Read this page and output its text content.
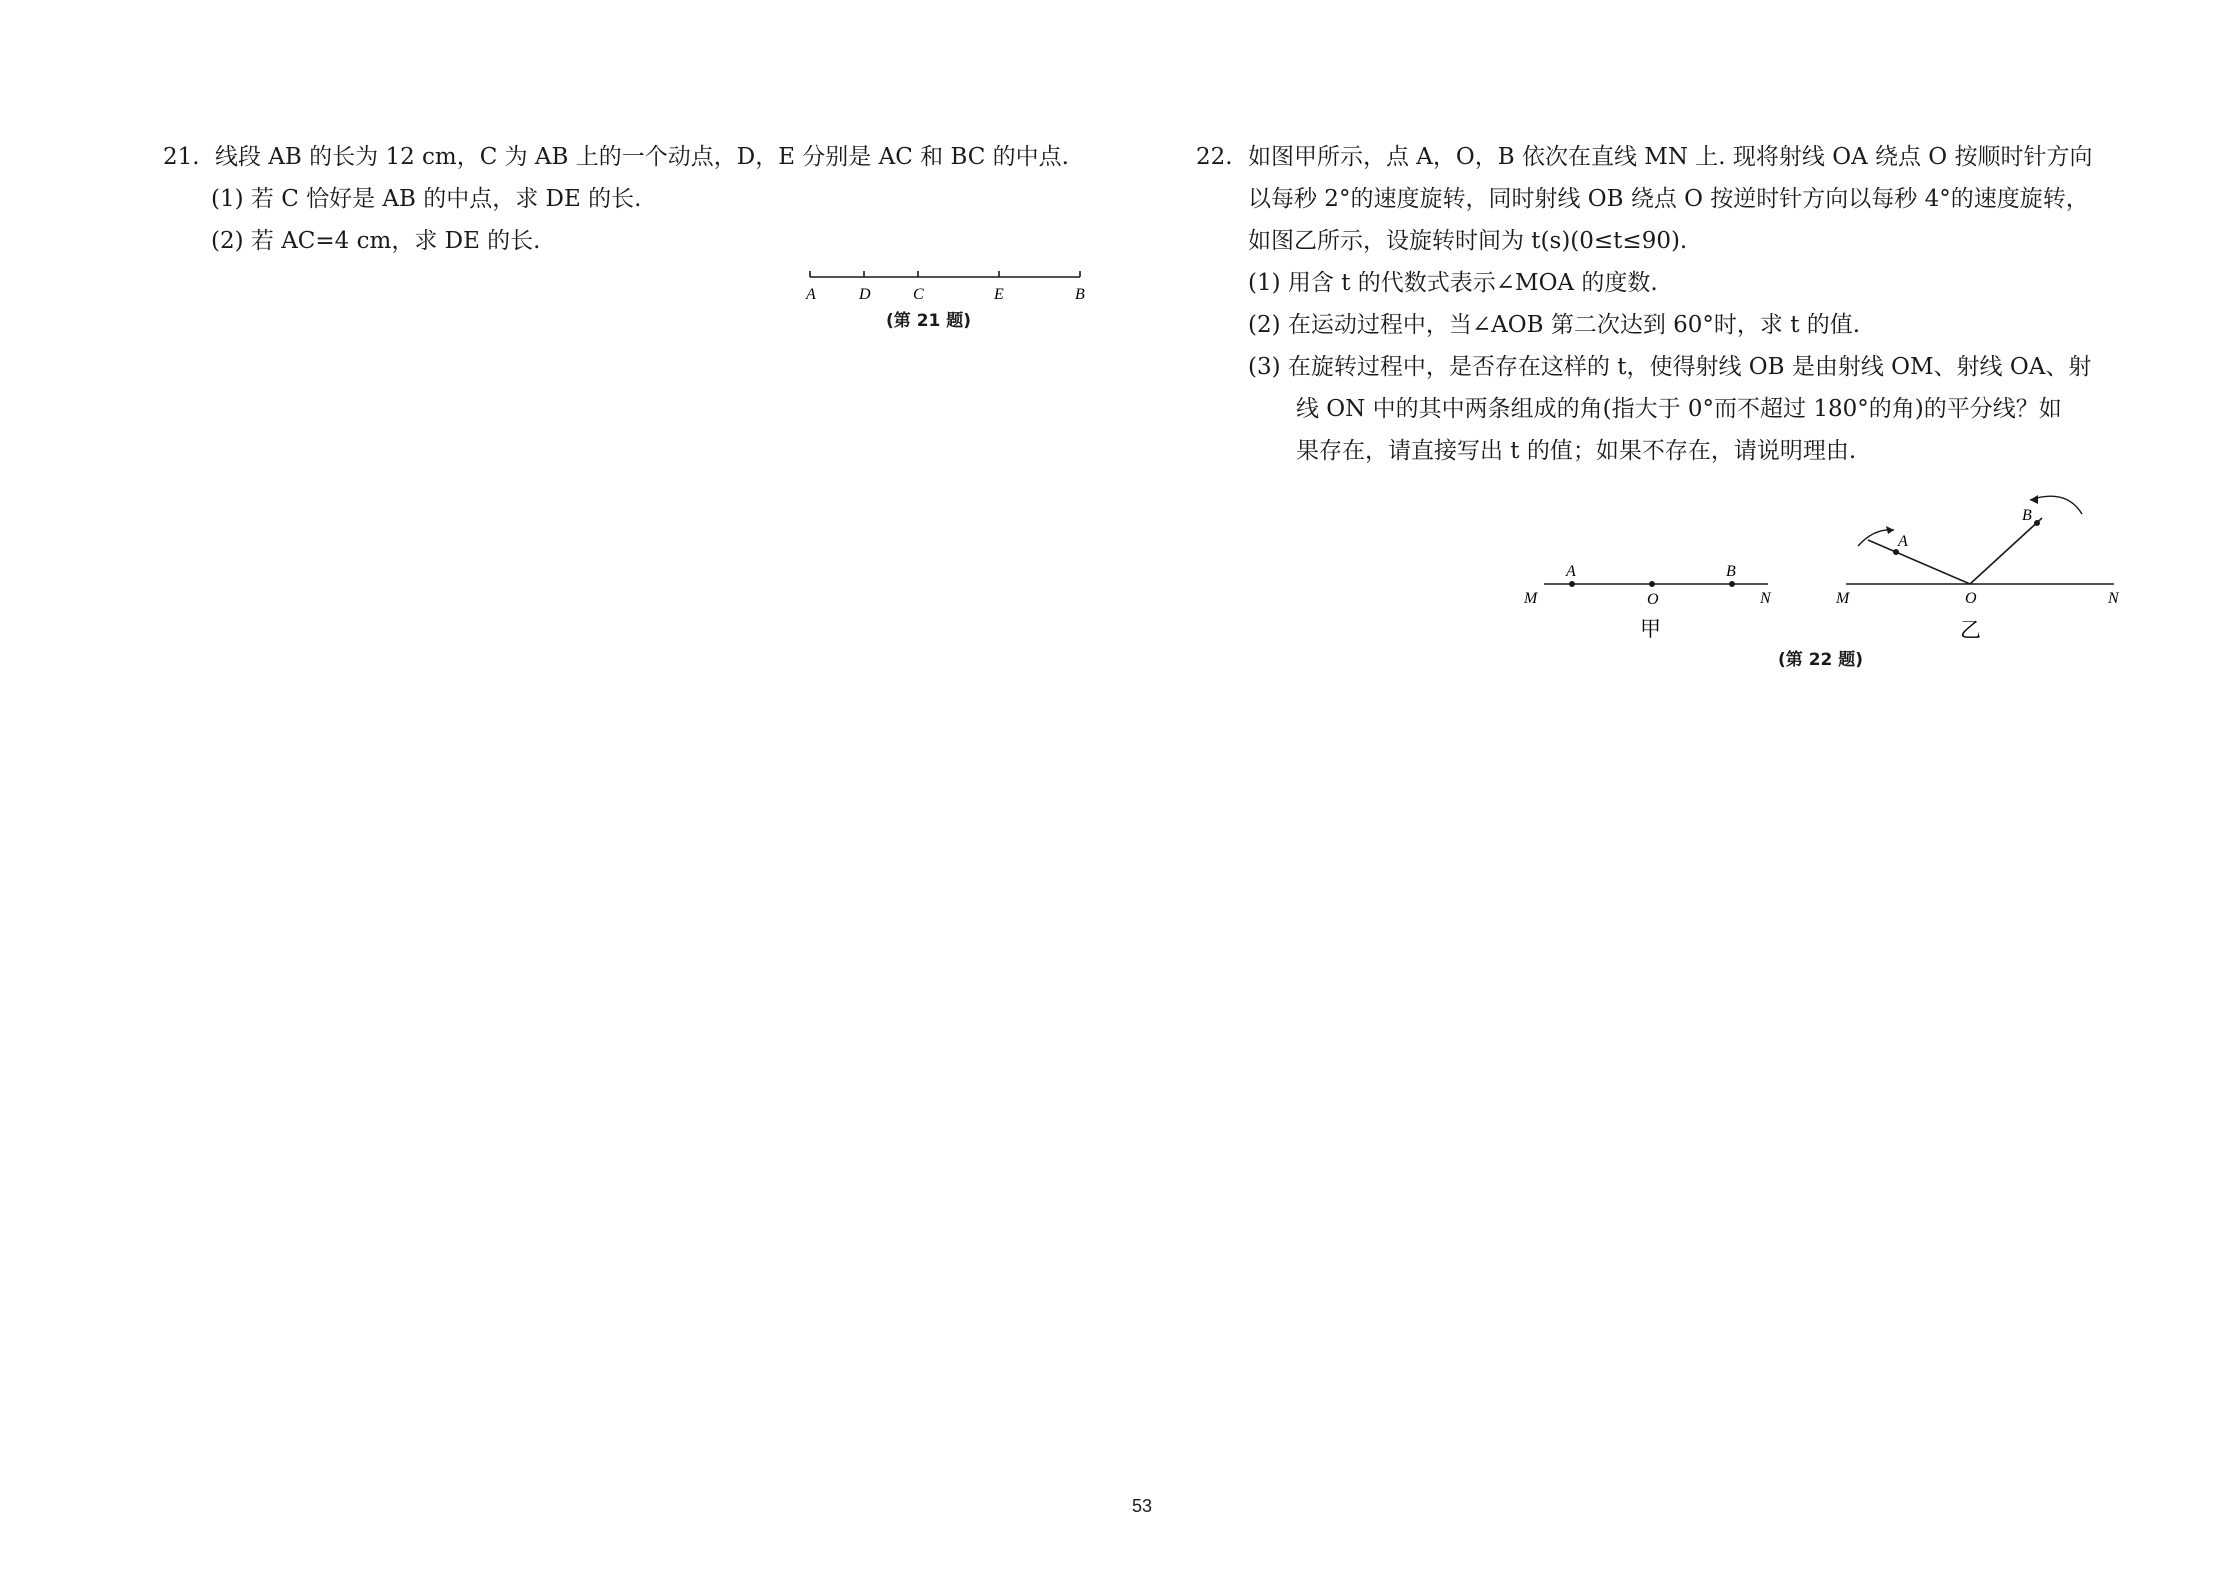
21. 线段 AB 的长为 12 cm，C 为 AB 上的一个动点，D，E 分别是 AC 和 BC 的中点.
(1) 若 C 恰好是 AB 的中点，求 DE 的长.
(2) 若 AC=4 cm，求 DE 的长.
A	D	C	E	B
(第 21 题)
22. 如图甲所示，点 A，O，B 依次在直线 MN 上. 现将射线 OA 绕点 O 按顺时针方向
以每秒 2°的速度旋转，同时射线 OB 绕点 O 按逆时针方向以每秒 4°的速度旋转，
如图乙所示，设旋转时间为 t(s)(0≤t≤90).
(1) 用含 t 的代数式表示∠MOA 的度数.
(2) 在运动过程中，当∠AOB 第二次达到 60°时，求 t 的值.
(3) 在旋转过程中，是否存在这样的 t，使得射线 OB 是由射线 OM、射线 OA、射
线 ON 中的其中两条组成的角(指大于 0°而不超过 180°的角)的平分线？如
果存在，请直接写出 t 的值；如果不存在，请说明理由.
M
A
O
B
N
甲
M
A
O
B
N
乙
(第 22 题)
53
